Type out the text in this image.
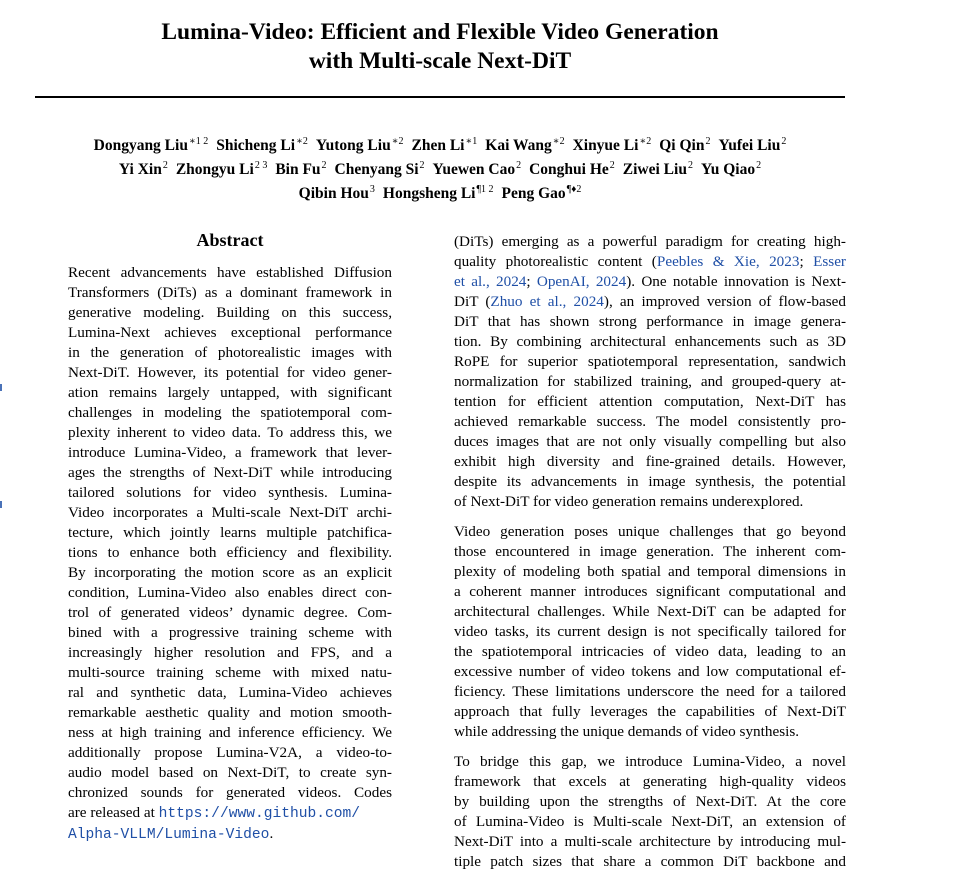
Lumina-Video: Efficient and Flexible Video Generation
with Multi-scale Next-DiT
Dongyang Liu$^{∗1 2}$ Shicheng $Li^{∗2}$ Yutong Liu$^{∗2}$ Zhen $Li^{∗1}$ Kai Wang$^{∗2}$ Xinyue $Li^{∗2}$ Qi Qin$^2$ Yufei Liu$^2$
Yi Xin$^2$ Zhongyu $Li^{2 3}$ Bin Fu$^2$ Chenyang Si$^2$ Yuewen Cao$^2$ Conghui He$^2$ Ziwei Liu$^2$ Yu Qiao$^2$
Qibin Hou$^3$ Hongsheng $Li^{\P 1 2}$ Peng Gao$^{\P♦2}$
Abstract
Recent advancements have established Diffusion
Transformers (DiTs) as a dominant framework in
generative modeling. Building on this success,
Lumina-Next achieves exceptional performance
in the generation of photorealistic images with
Next-DiT. However, its potential for video gener-
ation remains largely untapped, with significant
challenges in modeling the spatiotemporal com-
plexity inherent to video data. To address this, we
introduce Lumina-Video, a framework that lever-
ages the strengths of Next-DiT while introducing
tailored solutions for video synthesis. Lumina-
Video incorporates a Multi-scale Next-DiT archi-
tecture, which jointly learns multiple patchifica-
tions to enhance both efficiency and flexibility.
By incorporating the motion score as an explicit
condition, Lumina-Video also enables direct con-
trol of generated videos’ dynamic degree. Com-
bined with a progressive training scheme with
increasingly higher resolution and FPS, and a
multi-source training scheme with mixed natu-
ral and synthetic data, Lumina-Video achieves
remarkable aesthetic quality and motion smooth-
ness at high training and inference efficiency. We
additionally propose Lumina-V2A, a video-to-
audio model based on Next-DiT, to create syn-
chronized sounds for generated videos. Codes
are released at https://www.github.com/
Alpha-VLLM/Lumina-Video.
(DiTs) emerging as a powerful paradigm for creating high-
quality photorealistic content (Peebles & Xie, 2023; Esser
et al., 2024; OpenAI, 2024). One notable innovation is Next-
DiT (Zhuo et al., 2024), an improved version of flow-based
DiT that has shown strong performance in image genera-
tion. By combining architectural enhancements such as 3D
RoPE for superior spatiotemporal representation, sandwich
normalization for stabilized training, and grouped-query at-
tention for efficient attention computation, Next-DiT has
achieved remarkable success. The model consistently pro-
duces images that are not only visually compelling but also
exhibit high diversity and fine-grained details. However,
despite its advancements in image synthesis, the potential
of Next-DiT for video generation remains underexplored.
Video generation poses unique challenges that go beyond
those encountered in image generation. The inherent com-
plexity of modeling both spatial and temporal dimensions in
a coherent manner introduces significant computational and
architectural challenges. While Next-DiT can be adapted for
video tasks, its current design is not specifically tailored for
the spatiotemporal intricacies of video data, leading to an
excessive number of video tokens and low computational ef-
ficiency. These limitations underscore the need for a tailored
approach that fully leverages the capabilities of Next-DiT
while addressing the unique demands of video synthesis.
To bridge this gap, we introduce Lumina-Video, a novel
framework that excels at generating high-quality videos
by building upon the strengths of Next-DiT. At the core
of Lumina-Video is Multi-scale Next-DiT, an extension of
Next-DiT into a multi-scale architecture by introducing mul-
tiple patch sizes that share a common DiT backbone and
